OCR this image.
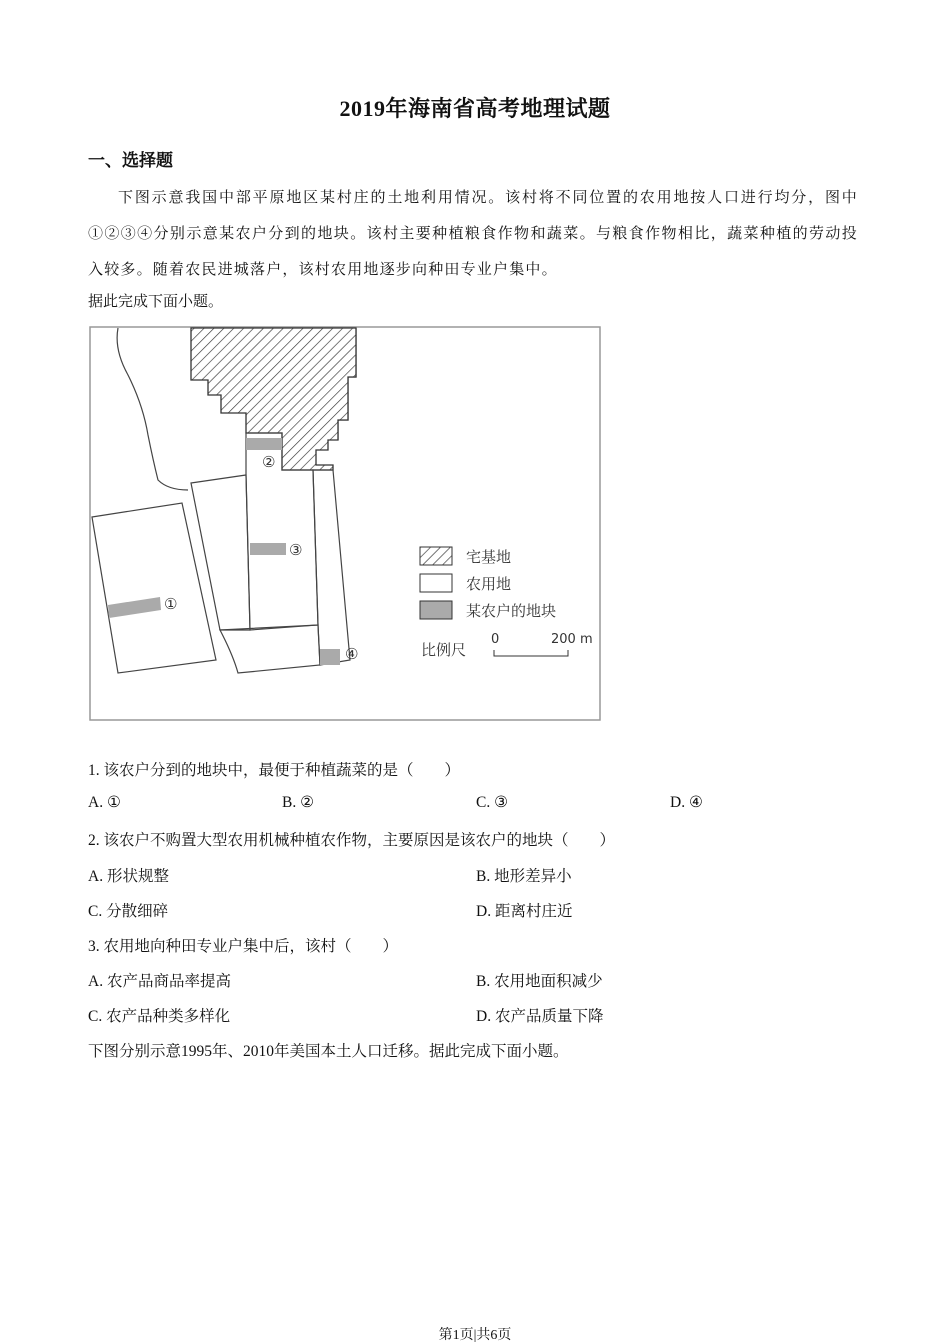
2019年海南省高考地理试题
一、选择题

下图示意我国中部平原地区某村庄的土地利用情况。该村将不同位置的农用地按人口进行均分，图中①②③④分别示意某农户分到的地块。该村主要种植粮食作物和蔬菜。与粮食作物相比，蔬菜种植的劳动投入较多。随着农民进城落户，该村农用地逐步向种田专业户集中。

据此完成下面小题。
②
③
①
④
宅基地
农用地
某农户的地块
比例尺
0	200 m
1. 该农户分到的地块中，最便于种植蔬菜的是（　　）
A. ①	B. ②	C. ③	D. ④
2. 该农户不购置大型农用机械种植农作物，主要原因是该农户的地块（　　）
A. 形状规整	B. 地形差异小
C. 分散细碎	D. 距离村庄近
3. 农用地向种田专业户集中后，该村（　　）
A. 农产品商品率提高	B. 农用地面积减少
C. 农产品种类多样化	D. 农产品质量下降
下图分别示意1995年、2010年美国本土人口迁移。据此完成下面小题。
第1页|共6页
